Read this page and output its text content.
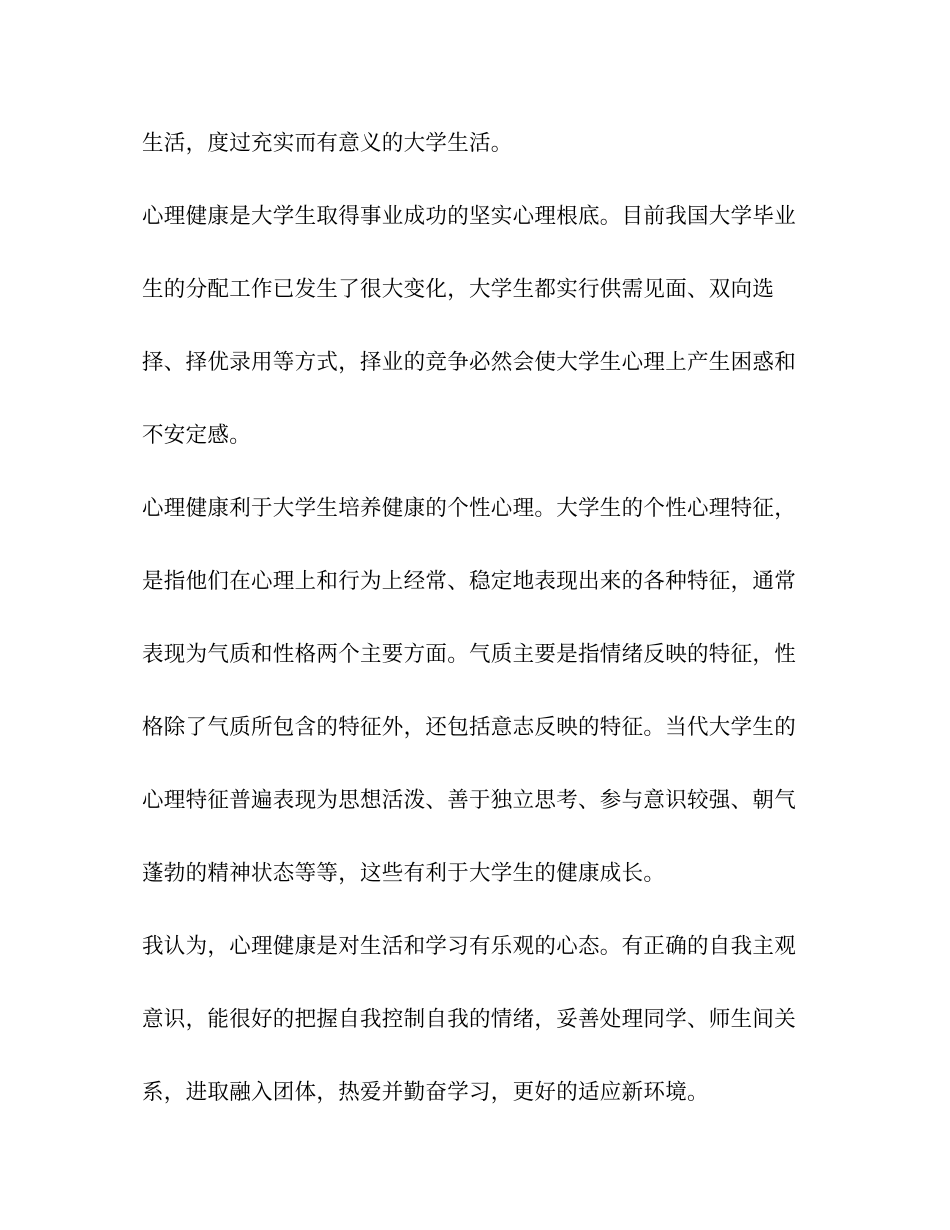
生活，度过充实而有意义的大学生活。

心理健康是大学生取得事业成功的坚实心理根底。目前我国大学毕业

生的分配工作已发生了很大变化，大学生都实行供需见面、双向选

择、择优录用等方式，择业的竞争必然会使大学生心理上产生困惑和

不安定感。

心理健康利于大学生培养健康的个性心理。大学生的个性心理特征，

是指他们在心理上和行为上经常、稳定地表现出来的各种特征，通常

表现为气质和性格两个主要方面。气质主要是指情绪反映的特征，性

格除了气质所包含的特征外，还包括意志反映的特征。当代大学生的

心理特征普遍表现为思想活泼、善于独立思考、参与意识较强、朝气

蓬勃的精神状态等等，这些有利于大学生的健康成长。

我认为，心理健康是对生活和学习有乐观的心态。有正确的自我主观

意识，能很好的把握自我控制自我的情绪，妥善处理同学、师生间关

系，进取融入团体，热爱并勤奋学习，更好的适应新环境。
